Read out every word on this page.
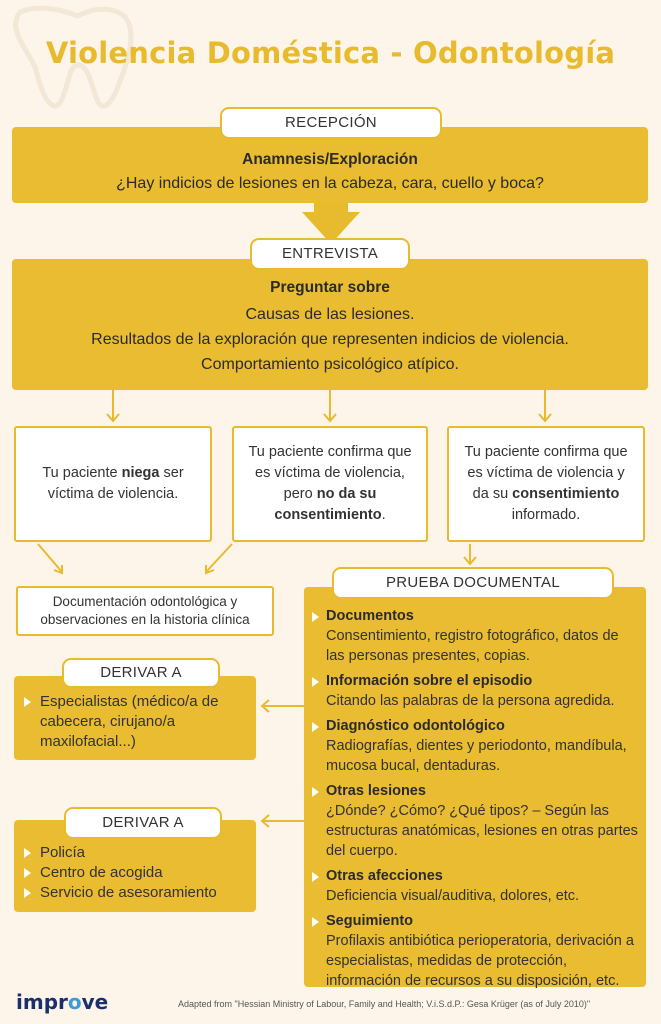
Violencia Doméstica - Odontología
RECEPCIÓN
Anamnesis/Exploración
¿Hay indicios de lesiones en la cabeza, cara, cuello y boca?
ENTREVISTA
Preguntar sobre
Causas de las lesiones.
Resultados de la exploración que representen indicios de violencia.
Comportamiento psicológico atípico.
Tu paciente niega ser víctima de violencia.
Tu paciente confirma que es víctima de violencia, pero no da su consentimiento.
Tu paciente confirma que es víctima de violencia y da su consentimiento informado.
Documentación odontológica y observaciones en la historia clínica
DERIVAR A
Especialistas (médico/a de cabecera, cirujano/a maxilofacial...)
DERIVAR A
Policía
Centro de acogida
Servicio de asesoramiento
PRUEBA DOCUMENTAL
Documentos
Consentimiento, registro fotográfico, datos de las personas presentes, copias.
Información sobre el episodio
Citando las palabras de la persona agredida.
Diagnóstico odontológico
Radiografías, dientes y periodonto, mandíbula, mucosa bucal, dentaduras.
Otras lesiones
¿Dónde? ¿Cómo? ¿Qué tipos? – Según las estructuras anatómicas, lesiones en otras partes del cuerpo.
Otras afecciones
Deficiencia visual/auditiva, dolores, etc.
Seguimiento
Profilaxis antibiótica perioperatoria, derivación a especialistas, medidas de protección, información de recursos a su disposición, etc.
improve	Adapted from "Hessian Ministry of Labour, Family and Health; V.i.S.d.P.: Gesa Krüger (as of July 2010)"
